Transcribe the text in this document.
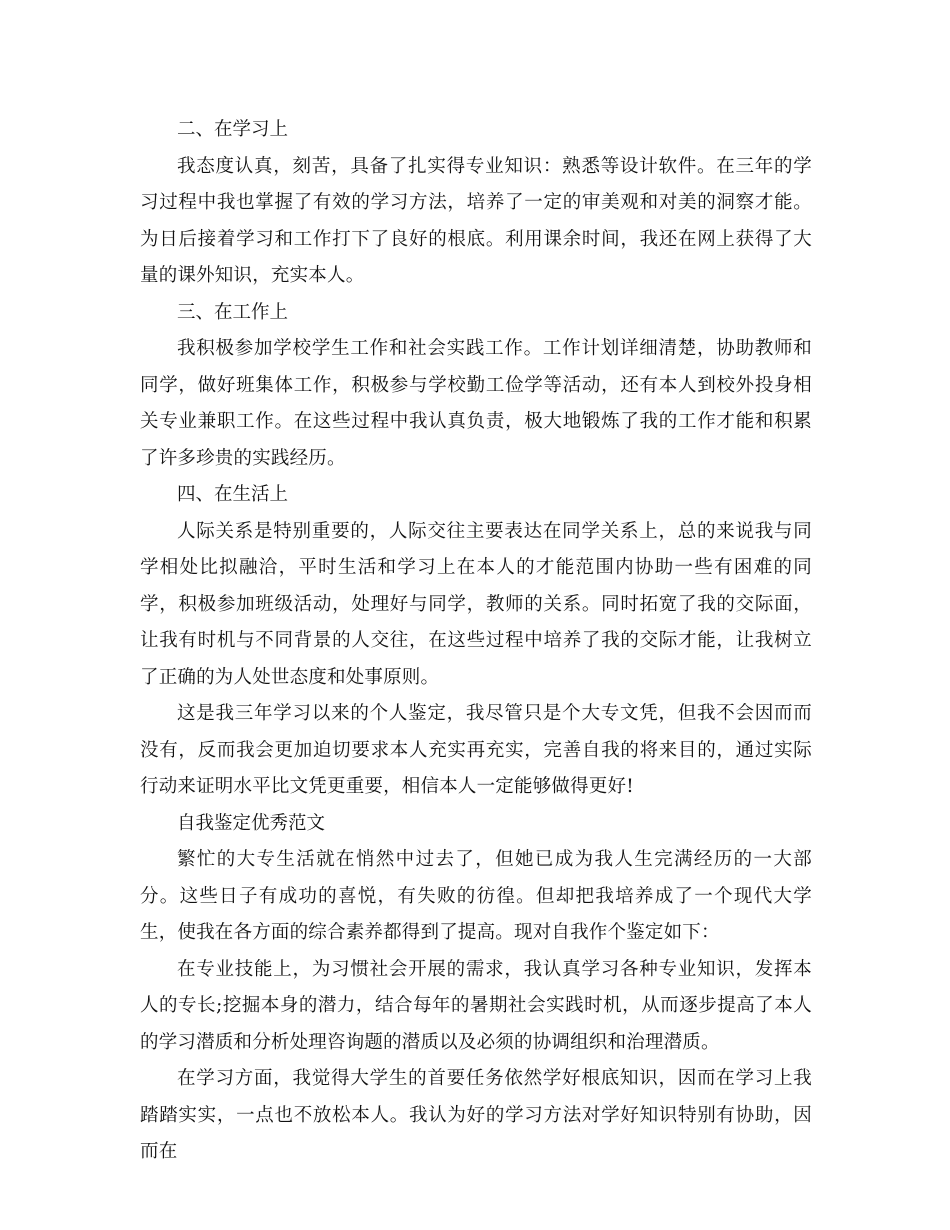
二、在学习上

我态度认真，刻苦，具备了扎实得专业知识：熟悉等设计软件。在三年的学习过程中我也掌握了有效的学习方法，培养了一定的审美观和对美的洞察才能。为日后接着学习和工作打下了良好的根底。利用课余时间，我还在网上获得了大量的课外知识，充实本人。

三、在工作上

我积极参加学校学生工作和社会实践工作。工作计划详细清楚，协助教师和同学，做好班集体工作，积极参与学校勤工俭学等活动，还有本人到校外投身相关专业兼职工作。在这些过程中我认真负责，极大地锻炼了我的工作才能和积累了许多珍贵的实践经历。

四、在生活上

人际关系是特别重要的，人际交往主要表达在同学关系上，总的来说我与同学相处比拟融洽，平时生活和学习上在本人的才能范围内协助一些有困难的同学，积极参加班级活动，处理好与同学，教师的关系。同时拓宽了我的交际面，让我有时机与不同背景的人交往，在这些过程中培养了我的交际才能，让我树立了正确的为人处世态度和处事原则。

这是我三年学习以来的个人鉴定，我尽管只是个大专文凭，但我不会因而而没有，反而我会更加迫切要求本人充实再充实，完善自我的将来目的，通过实际行动来证明水平比文凭更重要，相信本人一定能够做得更好!

自我鉴定优秀范文

繁忙的大专生活就在悄然中过去了，但她已成为我人生完满经历的一大部分。这些日子有成功的喜悦，有失败的彷徨。但却把我培养成了一个现代大学生，使我在各方面的综合素养都得到了提高。现对自我作个鉴定如下：

在专业技能上，为习惯社会开展的需求，我认真学习各种专业知识，发挥本人的专长;挖掘本身的潜力，结合每年的暑期社会实践时机，从而逐步提高了本人的学习潜质和分析处理咨询题的潜质以及必须的协调组织和治理潜质。

在学习方面，我觉得大学生的首要任务依然学好根底知识，因而在学习上我踏踏实实，一点也不放松本人。我认为好的学习方法对学好知识特别有协助，因而在
